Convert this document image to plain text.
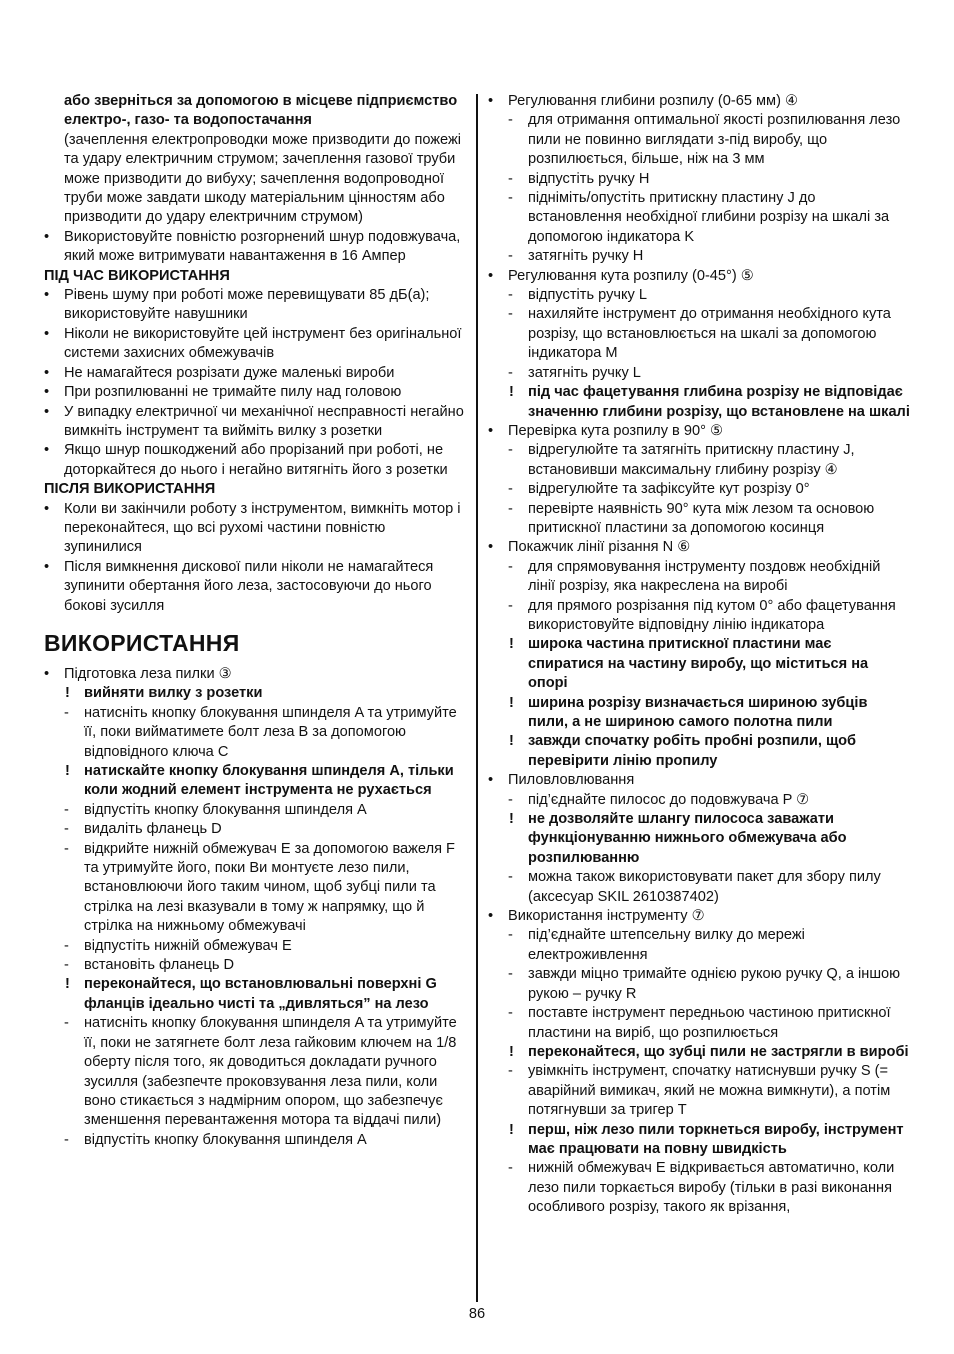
або зверніться за допомогою в місцеве підприємство електро-, газо- та водопостачання
(зачеплення електропроводки може призводити до пожежі та удару електричним струмом; зачеплення газової труби може призводити до вибуху; sачеплення водопроводної труби може завдати шкоду матеріальним цінностям або призводити до удару електричним струмом)
• Використовуйте повністю розгорнений шнур подовжувача, який може витримувати навантаження в 16 Ампер
ПІД ЧАС ВИКОРИСТАННЯ
• Рівень шуму при роботі може перевищувати 85 дБ(а); використовуйте навушники
• Ніколи не використовуйте цей інструмент без оригінальної системи захисних обмежувачів
• Не намагайтеся розрізати дуже маленькі вироби
• При розпилюванні не тримайте пилу над головою
• У випадку електричної чи механічної несправності негайно вимкніть інструмент та вийміть вилку з розетки
• Якщо шнур пошкоджений або прорізаний при роботі, не доторкайтеся до нього і негайно витягніть його з розетки
ПІСЛЯ ВИКОРИСТАННЯ
• Коли ви закінчили роботу з інструментом, вимкніть мотор і переконайтеся, що всі рухомі частини повністю зупинилися
• Після вимкнення дискової пили ніколи не намагайтеся зупинити обертання його леза, застосовуючи до нього бокові зусилля
ВИКОРИСТАННЯ
• Підготовка леза пилки ③
! вийняти вилку з розетки
- натисніть кнопку блокування шпинделя A та утримуйте її, поки вийматимете болт леза B за допомогою відповідного ключа C
! натискайте кнопку блокування шпинделя A, тільки коли жодний елемент інструмента не рухається
- відпустіть кнопку блокування шпинделя A
- видаліть фланець D
- відкрийте нижній обмежувач E за допомогою важеля F та утримуйте його, поки Ви монтуєте лезо пили, встановлюючи його таким чином, щоб зубці пили та стрілка на лезі вказували в тому ж напрямку, що й стрілка на нижньому обмежувачі
- відпустіть нижній обмежувач E
- встановіть фланець D
! переконайтеся, що встановлювальні поверхні G фланців ідеально чисті та „дивляться” на лезо
- натисніть кнопку блокування шпинделя A та утримуйте її, поки не затягнете болт леза гайковим ключем на 1/8 оберту після того, як доводиться докладати ручного зусилля (забезпечте проковзування леза пили, коли воно стикається з надмірним опором, що забезпечує зменшення перевантаження мотора та віддачі пили)
- відпустіть кнопку блокування шпинделя A
• Регулювання глибини розпилу (0-65 мм) ④
- для отримання оптимальної якості розпилювання лезо пили не повинно виглядати з-під виробу, що розпилюється, більше, ніж на 3 мм
- відпустіть ручку H
- підніміть/опустіть притискну пластину J до встановлення необхідної глибини розрізу на шкалі за допомогою індикатора K
- затягніть ручку H
• Регулювання кута розпилу (0-45°) ⑤
- відпустіть ручку L
- нахиляйте інструмент до отримання необхідного кута розрізу, що встановлюється на шкалі за допомогою індикатора M
- затягніть ручку L
! під час фацетування глибина розрізу не відповідає значенню глибини розрізу, що встановлене на шкалі
• Перевірка кута розпилу в 90° ⑤
- відрегулюйте та затягніть притискну пластину J, встановивши максимальну глибину розрізу ④
- відрегулюйте та зафіксуйте кут розрізу 0°
- перевірте наявність 90° кута між лезом та основою притискної пластини за допомогою косинця
• Покажчик лінії різання N ⑥
- для спрямовування інструменту поздовж необхідній лінії розрізу, яка накреслена на виробі
- для прямого розрізання під кутом 0° або фацетування використовуйте відповідну лінію індикатора
! широка частина притискної пластини має спиратися на частину виробу, що міститься на опорі
! ширина розрізу визначається шириною зубців пили, а не шириною самого полотна пили
! завжди спочатку робіть пробні розпили, щоб перевірити лінію пропилу
• Пиловловлювання
- під’єднайте пилосос до подовжувача P ⑦
! не дозволяйте шлангу пилососа заважати функціонуванню нижнього обмежувача або розпилюванню
- можна також використовувати пакет для збору пилу (аксесуар SKIL 2610387402)
• Використання інструменту ⑦
- під’єднайте штепсельну вилку до мережі електроживлення
- завжди міцно тримайте однією рукою ручку Q, а іншою рукою – ручку R
- поставте інструмент передньою частиною притискної пластини на виріб, що розпилюється
! переконайтеся, що зубці пили не застрягли в виробі
- увімкніть інструмент, спочатку натиснувши ручку S (= аварійний вимикач, який не можна вимкнути), а потім потягнувши за тригер T
! перш, ніж лезо пили торкнеться виробу, інструмент має працювати на повну швидкість
- нижній обмежувач E відкривається автоматично, коли лезо пили торкається виробу (тільки в разі виконання особливого розрізу, такого як врізання,
86
